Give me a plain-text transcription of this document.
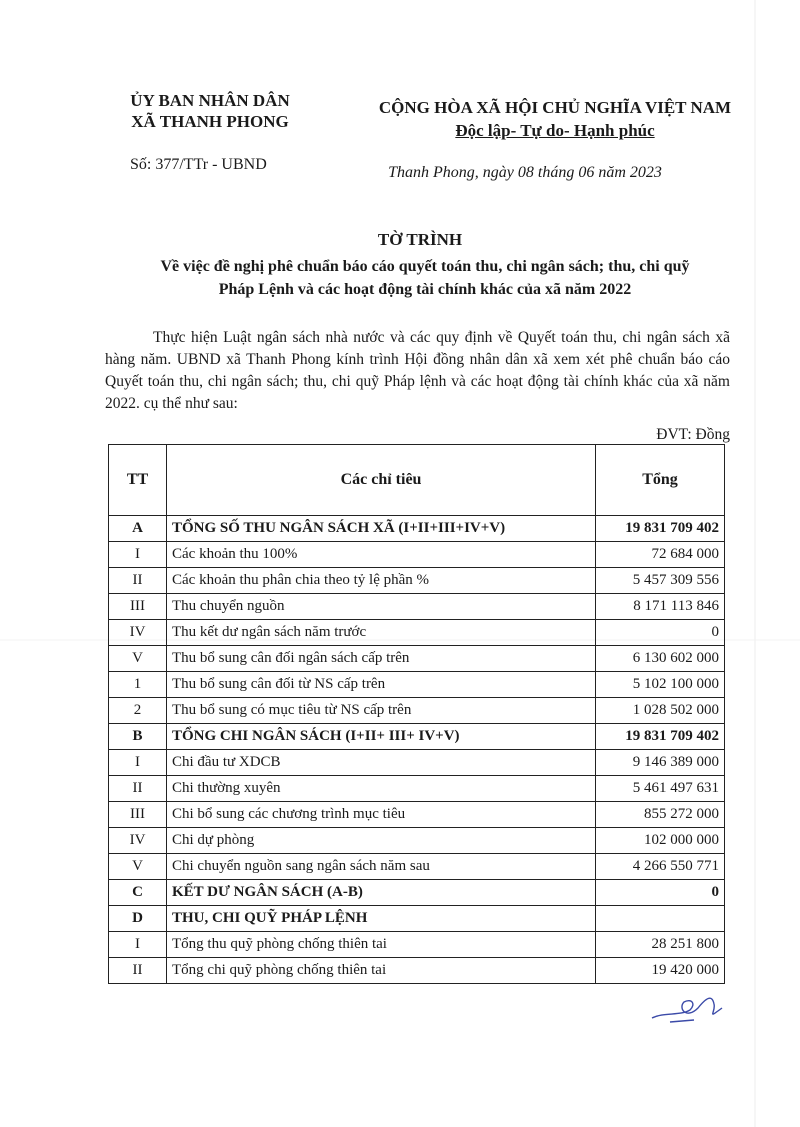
ỦY BAN NHÂN DÂN
XÃ THANH PHONG
CỘNG HÒA XÃ HỘI CHỦ NGHĨA VIỆT NAM
Độc lập- Tự do- Hạnh phúc
Số: 377/TTr - UBND	Thanh Phong, ngày 08 tháng 06 năm 2023
TỜ TRÌNH
Về việc đề nghị phê chuẩn báo cáo quyết toán thu, chi ngân sách; thu, chi quỹ
Pháp Lệnh và các hoạt động tài chính khác của xã năm 2022
Thực hiện Luật ngân sách nhà nước và các quy định về Quyết toán thu, chi ngân sách xã hàng năm. UBND xã Thanh Phong kính trình Hội đồng nhân dân xã xem xét phê chuẩn báo cáo Quyết toán thu, chi ngân sách; thu, chi quỹ Pháp lệnh và các hoạt động tài chính khác của xã năm 2022. cụ thể như sau:
ĐVT: Đồng
TT	Các chỉ tiêu	Tổng
A	TỔNG SỐ THU NGÂN SÁCH XÃ (I+II+III+IV+V)	19 831 709 402
I	Các khoản thu 100%	72 684 000
II	Các khoản thu phân chia theo tỷ lệ phần %	5 457 309 556
III	Thu chuyển nguồn	8 171 113 846
IV	Thu kết dư ngân sách năm trước	0
V	Thu bổ sung cân đối ngân sách cấp trên	6 130 602 000
1	Thu bổ sung cân đối từ NS cấp trên	5 102 100 000
2	Thu bổ sung có mục tiêu từ NS cấp trên	1 028 502 000
B	TỔNG CHI NGÂN SÁCH (I+II+ III+ IV+V)	19 831 709 402
I	Chi đầu tư XDCB	9 146 389 000
II	Chi thường xuyên	5 461 497 631
III	Chi bổ sung các chương trình mục tiêu	855 272 000
IV	Chi dự phòng	102 000 000
V	Chi chuyển nguồn sang ngân sách năm sau	4 266 550 771
C	KẾT DƯ NGÂN SÁCH (A-B)	0
D	THU, CHI QUỸ PHÁP LỆNH	
I	Tổng thu quỹ phòng chống thiên tai	28 251 800
II	Tổng chi quỹ phòng chống thiên tai	19 420 000
